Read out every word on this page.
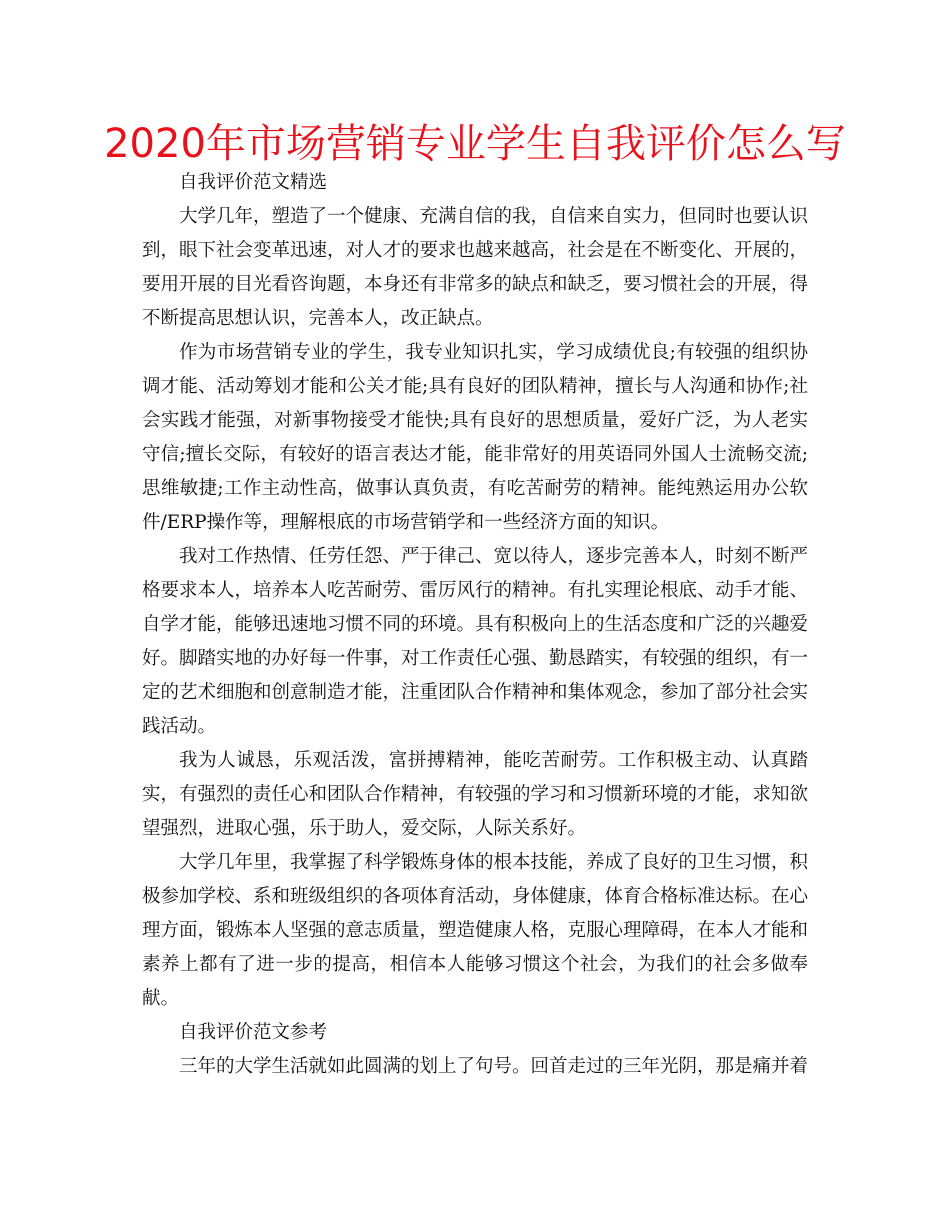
2020年市场营销专业学生自我评价怎么写

自我评价范文精选

大学几年，塑造了一个健康、充满自信的我，自信来自实力，但同时也要认识到，眼下社会变革迅速，对人才的要求也越来越高，社会是在不断变化、开展的，要用开展的目光看咨询题，本身还有非常多的缺点和缺乏，要习惯社会的开展，得不断提高思想认识，完善本人，改正缺点。

作为市场营销专业的学生，我专业知识扎实，学习成绩优良;有较强的组织协调才能、活动筹划才能和公关才能;具有良好的团队精神，擅长与人沟通和协作;社会实践才能强，对新事物接受才能快;具有良好的思想质量，爱好广泛，为人老实守信;擅长交际，有较好的语言表达才能，能非常好的用英语同外国人士流畅交流;思维敏捷;工作主动性高，做事认真负责，有吃苦耐劳的精神。能纯熟运用办公软件/ERP操作等，理解根底的市场营销学和一些经济方面的知识。

我对工作热情、任劳任怨、严于律己、宽以待人，逐步完善本人，时刻不断严格要求本人，培养本人吃苦耐劳、雷厉风行的精神。有扎实理论根底、动手才能、自学才能，能够迅速地习惯不同的环境。具有积极向上的生活态度和广泛的兴趣爱好。脚踏实地的办好每一件事，对工作责任心强、勤恳踏实，有较强的组织，有一定的艺术细胞和创意制造才能，注重团队合作精神和集体观念，参加了部分社会实践活动。

我为人诚恳，乐观活泼，富拼搏精神，能吃苦耐劳。工作积极主动、认真踏实，有强烈的责任心和团队合作精神，有较强的学习和习惯新环境的才能，求知欲望强烈，进取心强，乐于助人，爱交际，人际关系好。

大学几年里，我掌握了科学锻炼身体的根本技能，养成了良好的卫生习惯，积极参加学校、系和班级组织的各项体育活动，身体健康，体育合格标准达标。在心理方面，锻炼本人坚强的意志质量，塑造健康人格，克服心理障碍，在本人才能和素养上都有了进一步的提高，相信本人能够习惯这个社会，为我们的社会多做奉献。

自我评价范文参考

三年的大学生活就如此圆满的划上了句号。回首走过的三年光阴，那是痛并着
